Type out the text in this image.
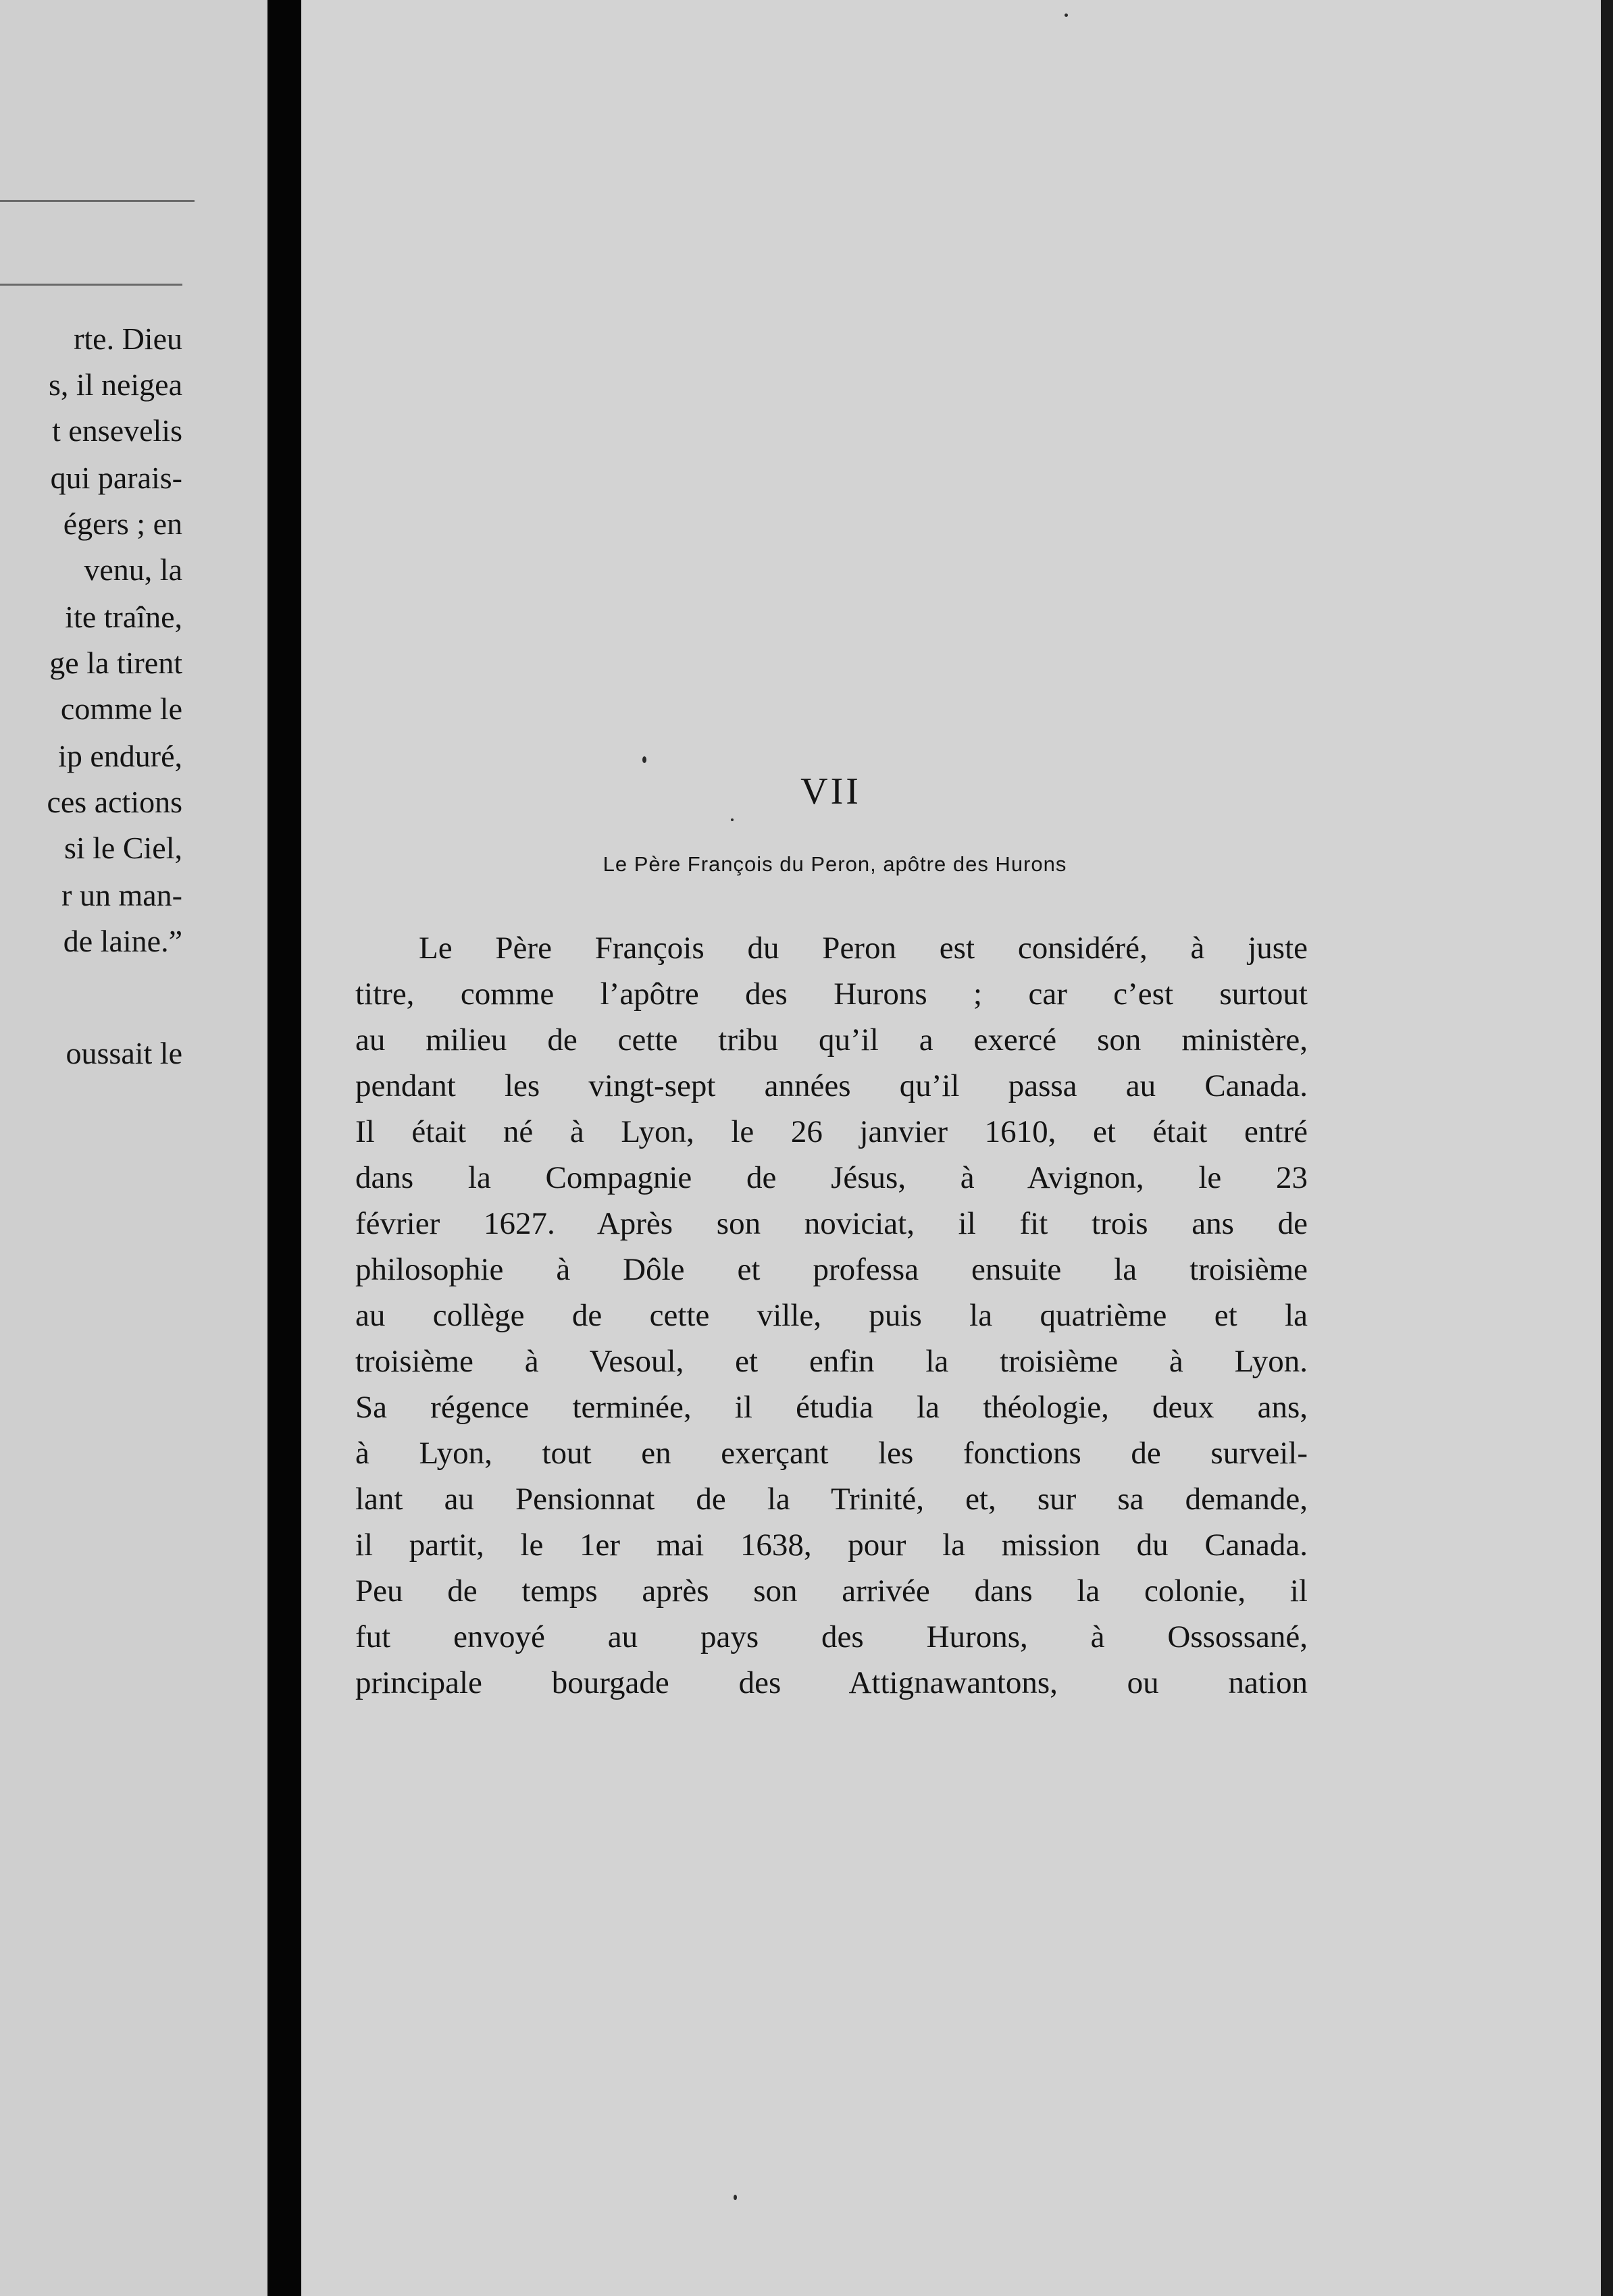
rte. Dieu
s, il neigea
t ensevelis
qui parais-
égers ; en
venu, la
ite traîne,
ge la tirent
comme le
ip enduré,
ces actions
si le Ciel,
r un man-
de laine.”
oussait le
VII
Le Père François du Peron, apôtre des Hurons
Le Père François du Peron est considéré, à juste
titre, comme l’apôtre des Hurons ; car c’est surtout
au milieu de cette tribu qu’il a exercé son ministère,
pendant les vingt-sept années qu’il passa au Canada.
Il était né à Lyon, le 26 janvier 1610, et était entré
dans la Compagnie de Jésus, à Avignon, le 23
février 1627. Après son noviciat, il fit trois ans de
philosophie à Dôle et professa ensuite la troisième
au collège de cette ville, puis la quatrième et la
troisième à Vesoul, et enfin la troisième à Lyon.
Sa régence terminée, il étudia la théologie, deux ans,
à Lyon, tout en exerçant les fonctions de surveil-
lant au Pensionnat de la Trinité, et, sur sa demande,
il partit, le 1er mai 1638, pour la mission du Canada.
Peu de temps après son arrivée dans la colonie, il
fut envoyé au pays des Hurons, à Ossossané,
principale bourgade des Attignawantons, ou nation
